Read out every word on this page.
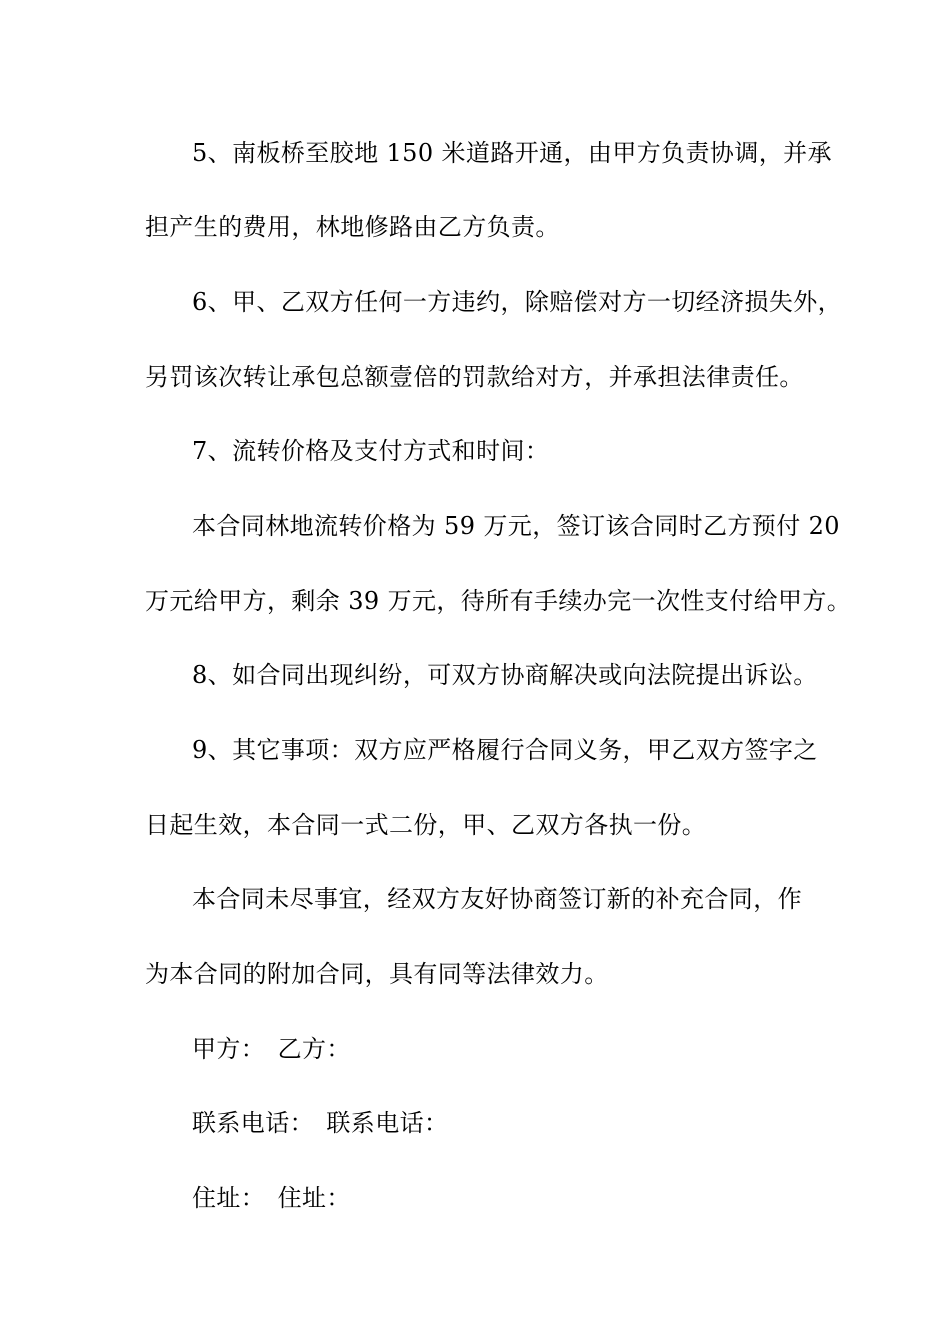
5、南板桥至胶地 150 米道路开通，由甲方负责协调，并承
担产生的费用，林地修路由乙方负责。
6、甲、乙双方任何一方违约，除赔偿对方一切经济损失外，
另罚该次转让承包总额壹倍的罚款给对方，并承担法律责任。
7、流转价格及支付方式和时间：
本合同林地流转价格为 59 万元，签订该合同时乙方预付 20
万元给甲方，剩余 39 万元，待所有手续办完一次性支付给甲方。
8、如合同出现纠纷，可双方协商解决或向法院提出诉讼。
9、其它事项：双方应严格履行合同义务，甲乙双方签字之
日起生效，本合同一式二份，甲、乙双方各执一份。
本合同未尽事宜，经双方友好协商签订新的补充合同，作
为本合同的附加合同，具有同等法律效力。
甲方：　乙方：
联系电话：　联系电话：
住址：　住址：
